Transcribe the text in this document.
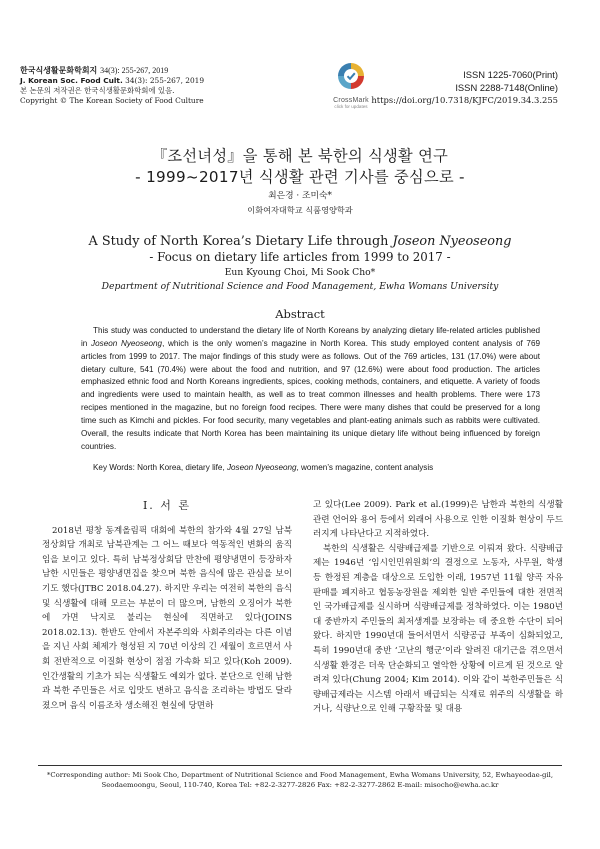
한국식생활문화학회지 34(3): 255-267, 2019
J. Korean Soc. Food Cult. 34(3): 255-267, 2019
본 논문의 저작권은 한국식생활문화학회에 있음.
Copyright © The Korean Society of Food Culture	CrossMark
click for updates
ISSN 1225-7060(Print)
ISSN 2288-7148(Online)
https://doi.org/10.7318/KJFC/2019.34.3.255
『조선녀성』을 통해 본 북한의 식생활 연구
- 1999~2017년 식생활 관련 기사를 중심으로 -
최은경 · 조미숙*
이화여자대학교 식품영양학과
A Study of North Korea’s Dietary Life through Joseon Nyeoseong
- Focus on dietary life articles from 1999 to 2017 -
Eun Kyoung Choi, Mi Sook Cho*
Department of Nutritional Science and Food Management, Ewha Womans University
Abstract

This study was conducted to understand the dietary life of North Koreans by analyzing dietary life-related articles published in Joseon Nyeoseong, which is the only women’s magazine in North Korea. This study employed content analysis of 769 articles from 1999 to 2017. The major findings of this study were as follows. Out of the 769 articles, 131 (17.0%) were about dietary culture, 541 (70.4%) were about the food and nutrition, and 97 (12.6%) were about food production. The articles emphasized ethnic food and North Koreans ingredients, spices, cooking methods, containers, and etiquette. A variety of foods and ingredients were used to maintain health, as well as to treat common illnesses and health problems. There were 173 recipes mentioned in the magazine, but no foreign food recipes. There were many dishes that could be preserved for a long time such as Kimchi and pickles. For food security, many vegetables and plant-eating animals such as rabbits were cultivated. Overall, the results indicate that North Korea has been maintaining its unique dietary life without being influenced by foreign countries.

Key Words: North Korea, dietary life, Joseon Nyeoseong, women’s magazine, content analysis
Ⅰ. 서 론

2018년 평창 동계올림픽 대회에 북한의 참가와 4월 27일 남북정상회담 개최로 남북관계는 그 어느 때보다 역동적인 변화의 움직임을 보이고 있다. 특히 남북정상회담 만찬에 평양냉면이 등장하자 남한 시민들은 평양냉면집을 찾으며 북한 음식에 많은 관심을 보이기도 했다(JTBC 2018.04.27). 하지만 우리는 여전히 북한의 음식 및 식생활에 대해 모르는 부분이 더 많으며, 남한의 오징어가 북한에 가면 낙지로 불리는 현실에 직면하고 있다(JOINS 2018.02.13). 한반도 안에서 자본주의와 사회주의라는 다른 이념을 지닌 사회 체제가 형성된 지 70년 이상의 긴 세월이 흐르면서 사회 전반적으로 이질화 현상이 점점 가속화 되고 있다(Koh 2009). 인간생활의 기초가 되는 식생활도 예외가 없다. 분단으로 인해 남한과 북한 주민들은 서로 입맛도 변하고 음식을 조리하는 방법도 달라졌으며 음식 이름조차 생소해진 현실에 당면하

고 있다(Lee 2009). Park et al.(1999)은 남한과 북한의 식생활 관련 언어와 용어 등에서 외래어 사용으로 인한 이질화 현상이 두드러지게 나타난다고 지적하였다.

북한의 식생활은 식량배급제를 기반으로 이뤄져 왔다. 식량배급제는 1946년 ‘임시인민위원회’의 결정으로 노동자, 사무원, 학생 등 한정된 계층을 대상으로 도입한 이래, 1957년 11월 양곡 자유판매를 폐지하고 협동농장원을 제외한 일반 주민들에 대한 전면적인 국가배급제를 실시하며 식량배급제를 정착하였다. 이는 1980년대 중반까지 주민들의 최저생계를 보장하는 데 중요한 수단이 되어왔다. 하지만 1990년대 들어서면서 식량공급 부족이 심화되었고, 특히 1990년대 중반 ‘고난의 행군’이라 알려진 대기근을 겪으면서 식생활 환경은 더욱 단순화되고 열악한 상황에 이르게 된 것으로 알려져 있다(Chung 2004; Kim 2014). 이와 같이 북한주민들은 식량배급제라는 시스템 아래서 배급되는 식재료 위주의 식생활을 하거나, 식량난으로 인해 구황작물 및 대용

*Corresponding author: Mi Sook Cho, Department of Nutritional Science and Food Management, Ewha Womans University, 52, Ewhayeodae-gil, Seodaemoongu, Seoul, 110-740, Korea Tel: +82-2-3277-2826 Fax: +82-2-3277-2862 E-mail: misocho@ewha.ac.kr
